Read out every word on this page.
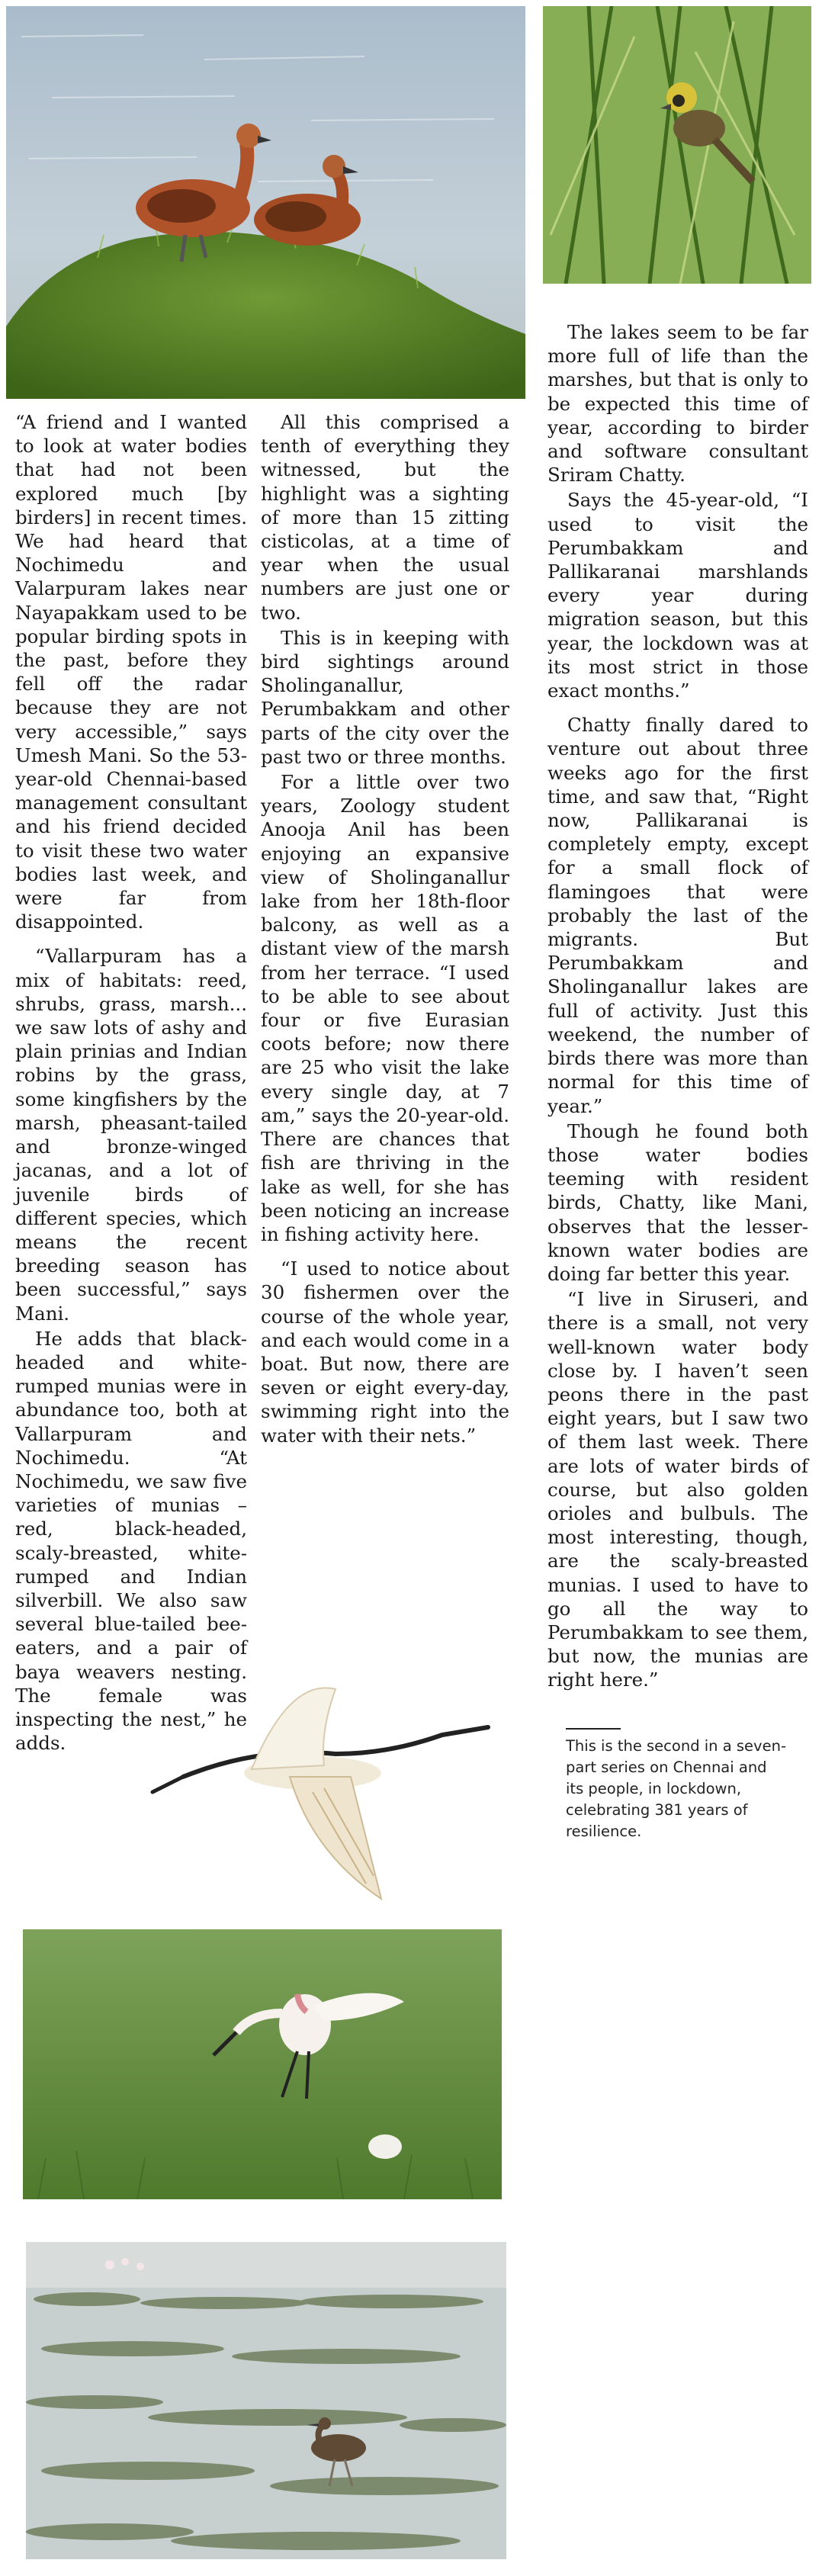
“A friend and I wanted to look at water bodies that had not been explored much [by birders] in recent times. We had heard that Nochimedu and Valarpuram lakes near Nayapakkam used to be popular birding spots in the past, before they fell off the radar because they are not very accessible,” says Umesh Mani. So the 53-year-old Chennai-based management consultant and his friend decided to visit these two water bodies last week, and were far from disappointed.

“Vallarpuram has a mix of habitats: reed, shrubs, grass, marsh... we saw lots of ashy and plain prinias and Indian robins by the grass, some kingfishers by the marsh, pheasant-tailed and bronze-winged jacanas, and a lot of juvenile birds of different species, which means the recent breeding season has been successful,” says Mani.

He adds that black-headed and white-rumped munias were in abundance too, both at Vallarpuram and Nochimedu. “At Nochimedu, we saw five varieties of munias – red, black-headed, scaly-breasted, white-rumped and Indian silverbill. We also saw several blue-tailed bee-eaters, and a pair of baya weavers nesting. The female was inspecting the nest,” he adds.

All this comprised a tenth of everything they witnessed, but the highlight was a sighting of more than 15 zitting cisticolas, at a time of year when the usual numbers are just one or two.

This is in keeping with bird sightings around Sholinganallur, Perumbakkam and other parts of the city over the past two or three months.

For a little over two years, Zoology student Anooja Anil has been enjoying an expansive view of Sholinganallur lake from her 18th-floor balcony, as well as a distant view of the marsh from her terrace. “I used to be able to see about four or five Eurasian coots before; now there are 25 who visit the lake every single day, at 7 am,” says the 20-year-old. There are chances that fish are thriving in the lake as well, for she has been noticing an increase in fishing activity here.

“I used to notice about 30 fishermen over the course of the whole year, and each would come in a boat. But now, there are seven or eight every-day, swimming right into the water with their nets.”

The lakes seem to be far more full of life than the marshes, but that is only to be expected this time of year, according to birder and software consultant Sriram Chatty.

Says the 45-year-old, “I used to visit the Perumbakkam and Pallikaranai marshlands every year during migration season, but this year, the lockdown was at its most strict in those exact months.”

Chatty finally dared to venture out about three weeks ago for the first time, and saw that, “Right now, Pallikaranai is completely empty, except for a small flock of flamingoes that were probably the last of the migrants. But Perumbakkam and Sholinganallur lakes are full of activity. Just this weekend, the number of birds there was more than normal for this time of year.”

Though he found both those water bodies teeming with resident birds, Chatty, like Mani, observes that the lesser-known water bodies are doing far better this year.

“I live in Siruseri, and there is a small, not very well-known water body close by. I haven’t seen peons there in the past eight years, but I saw two of them last week. There are lots of water birds of course, but also golden orioles and bulbuls. The most interesting, though, are the scaly-breasted munias. I used to have to go all the way to Perumbakkam to see them, but now, the munias are right here.”

This is the second in a seven-part series on Chennai and its people, in lockdown, celebrating 381 years of resilience.
